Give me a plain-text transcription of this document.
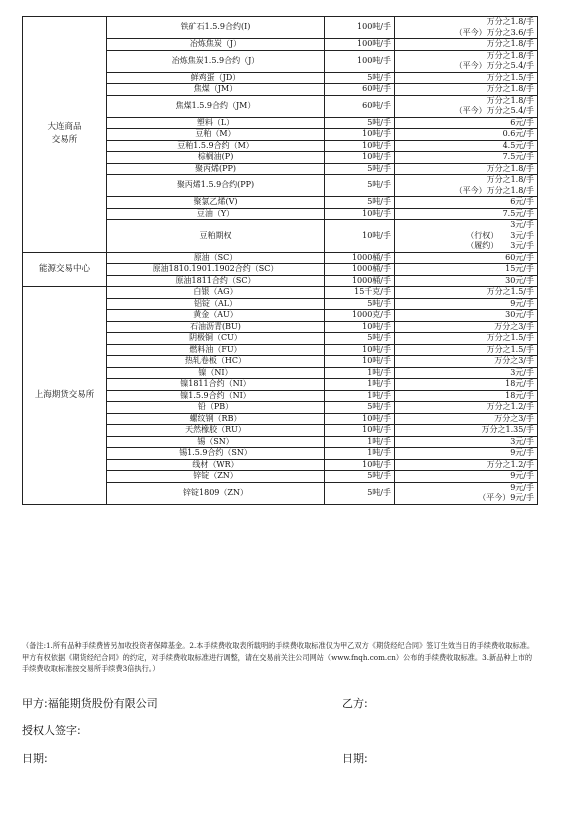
大连商品
交易所	铁矿石1.5.9合约(I)	100吨/手	万分之1.8/手
（平今）万分之3.6/手

	冶炼焦炭（J）	100吨/手	万分之1.8/手

	冶炼焦炭1.5.9合约（J）	100吨/手	万分之1.8/手
（平今）万分之5.4/手

	鲜鸡蛋（JD）	5吨/手	万分之1.5/手

	焦煤（JM）	60吨/手	万分之1.8/手

	焦煤1.5.9合约（JM）	60吨/手	万分之1.8/手
（平今）万分之5.4/手

	塑料（L）	5吨/手	6元/手

	豆粕（M）	10吨/手	0.6元/手

	豆粕1.5.9合约（M）	10吨/手	4.5元/手

	棕榈油(P)	10吨/手	7.5元/手

	聚丙烯(PP)	5吨/手	万分之1.8/手

	聚丙烯1.5.9合约(PP)	5吨/手	万分之1.8/手
（平今）万分之1.8/手

	聚氯乙烯(V)	5吨/手	6元/手

	豆油（Y）	10吨/手	7.5元/手

	豆粕期权	10吨/手	3元/手
（行权）　　3元/手
（履约）　　3元/手

能源交易中心	原油（SC）	1000桶/手	60元/手

	原油1810.1901.1902合约（SC）	1000桶/手	15元/手

	原油1811合约（SC）	1000桶/手	30元/手

上海期货交易所	白银（AG）	15千克/手	万分之1.5/手

	铝锭（AL）	5吨/手	9元/手

	黄金（AU）	1000克/手	30元/手

	石油沥青(BU)	10吨/手	万分之3/手

	阴极铜（CU）	5吨/手	万分之1.5/手

	燃料油（FU）	10吨/手	万分之1.5/手

	热轧卷板（HC）	10吨/手	万分之3/手

	镍（NI）	1吨/手	3元/手

	镍1811合约（NI）	1吨/手	18元/手

	镍1.5.9合约（NI）	1吨/手	18元/手

	铅（PB）	5吨/手	万分之1.2/手

	螺纹钢（RB）	10吨/手	万分之3/手

	天然橡胶（RU）	10吨/手	万分之1.35/手

	锡（SN）	1吨/手	3元/手

	锡1.5.9合约（SN）	1吨/手	9元/手

	线材（WR）	10吨/手	万分之1.2/手

	锌锭（ZN）	5吨/手	9元/手

	锌锭1809（ZN）	5吨/手	9元/手
（平今）9元/手
（备注:1.所有品种手续费皆另加收投资者保障基金。2.本手续费收取表所载明的手续费收取标准仅为甲乙双方《期货经纪合同》签订生效当日的手续费收取标准。甲方有权依据《期货经纪合同》的约定，对手续费收取标准进行调整，请在交易前关注公司网站（www.fnqh.com.cn）公布的手续费收取标准。3.新品种上市的手续费收取标准按交易所手续费3倍执行。）
甲方:福能期货股份有限公司	乙方:
授权人签字:
日期:	日期:
